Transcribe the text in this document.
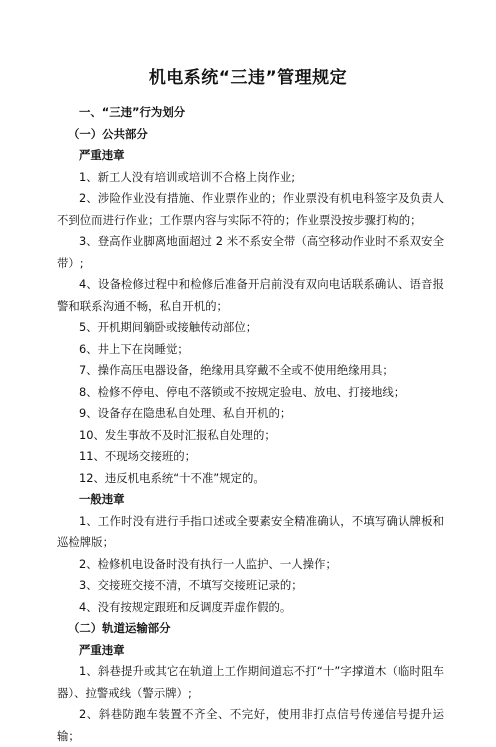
机电系统“三违”管理规定

一、“三违”行为划分

（一）公共部分

严重违章

1、新工人没有培训或培训不合格上岗作业;

2、涉险作业没有措施、作业票作业的；作业票没有机电科签字及负责人不到位而进行作业；工作票内容与实际不符的；作业票没按步骤打构的；

3、登高作业脚离地面超过 2 米不系安全带（高空移动作业时不系双安全带）;

4、设备检修过程中和检修后准备开启前没有双向电话联系确认、语音报警和联系沟通不畅，私自开机的；

5、开机期间躺卧或接触传动部位；

6、井上下在岗睡觉；

7、操作高压电器设备，绝缘用具穿戴不全或不使用绝缘用具；

8、检修不停电、停电不落锁或不按规定验电、放电、打接地线；

9、设备存在隐患私自处理、私自开机的；

10、发生事故不及时汇报私自处理的；

11、不现场交接班的；

12、违反机电系统“十不准”规定的。

一般违章

1、工作时没有进行手指口述或全要素安全精准确认，不填写确认牌板和巡检牌版；

2、检修机电设备时没有执行一人监护、一人操作；

3、交接班交接不清，不填写交接班记录的；

4、没有按规定跟班和反调度弄虚作假的。

（二）轨道运输部分

严重违章

1、斜巷提升或其它在轨道上工作期间道忘不打“十”字撑道木（临时阻车器）、拉警戒线（警示牌）;

2、斜巷防跑车装置不齐全、不完好，使用非打点信号传递信号提升运输；
